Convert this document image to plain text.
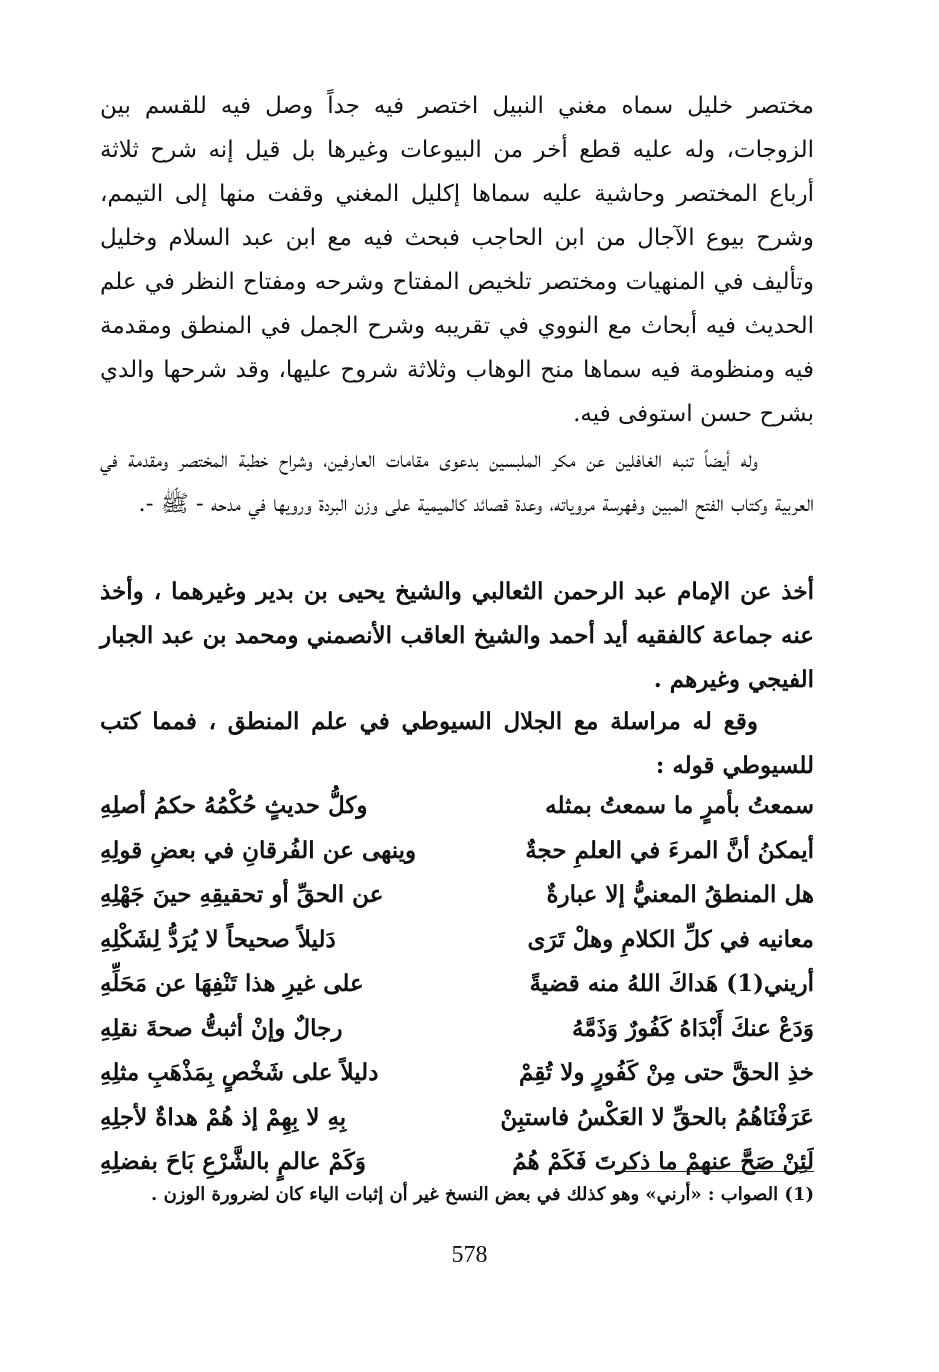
مختصر خليل سماه مغني النبيل اختصر فيه جداً وصل فيه للقسم بين الزوجات، وله عليه قطع أخر من البيوعات وغيرها بل قيل إنه شرح ثلاثة أرباع المختصر وحاشية عليه سماها إكليل المغني وقفت منها إلى التيمم، وشرح بيوع الآجال من ابن الحاجب فبحث فيه مع ابن عبد السلام وخليل وتأليف في المنهيات ومختصر تلخيص المفتاح وشرحه ومفتاح النظر في علم الحديث فيه أبحاث مع النووي في تقريبه وشرح الجمل في المنطق ومقدمة فيه ومنظومة فيه سماها منح الوهاب وثلاثة شروح عليها، وقد شرحها والدي بشرح حسن استوفى فيه.

وله أيضاً تنبه الغافلين عن مكر الملبسين بدعوى مقامات العارفين، وشراح خطبة المختصر ومقدمة في العربية وكتاب الفتح المبين وفهرسة مروياته، وعدة قصائد كالميمية على وزن البردة ورويها في مدحه - ﷺ -.

أخذ عن الإمام عبد الرحمن الثعالبي والشيخ يحيى بن بدير وغيرهما ، وأخذ عنه جماعة كالفقيه أيد أحمد والشيخ العاقب الأنصمني ومحمد بن عبد الجبار الفيجي وغيرهم .

وقع له مراسلة مع الجلال السيوطي في علم المنطق ، فمما كتب للسيوطي قوله :

سمعتُ بأمرٍ ما سمعتُ بمثله
وكلُّ حديثٍ حُكْمُهُ حكمُ أصلِهِ
أيمكنُ أنَّ المرءَ في العلمِ حجةٌ
وينهى عن الفُرقانِ في بعضِ قولِهِ
هل المنطقُ المعنيُّ إلا عبارةٌ
عن الحقِّ أو تحقيقِهِ حينَ جَهْلِهِ
معانيه في كلِّ الكلامِ وهلْ تَرَى
دَليلاً صحيحاً لا يُرَدُّ لِشَكْلِهِ
أريني(1) هَداكَ اللهُ منه قضيةً
على غيرِ هذا تَنْفِهَا عن مَحَلِّهِ
وَدَعْ عنكَ أَبْدَاهُ كَفُورٌ وَذَمَّهُ
رجالٌ وإنْ أثبتُّ صحةَ نقلِهِ
خذِ الحقَّ حتى مِنْ كَفُورٍ ولا تُقِمْ
دليلاً على شَخْصٍ بِمَذْهَبِ مثلِهِ
عَرَفْنَاهُمُ بالحقِّ لا العَكْسُ فاستبِنْ
بِهِ لا بِهِمْ إذ هُمْ هداةٌ لأجلِهِ
لَئِنْ صَحَّ عنهمْ ما ذكرتَ فَكَمْ هُمُ
وَكَمْ عالمٍ بالشَّرْعِ بَاحَ بفضلِهِ
(1) الصواب : «أرني» وهو كذلك في بعض النسخ غير أن إثبات الياء كان لضرورة الوزن .
578
